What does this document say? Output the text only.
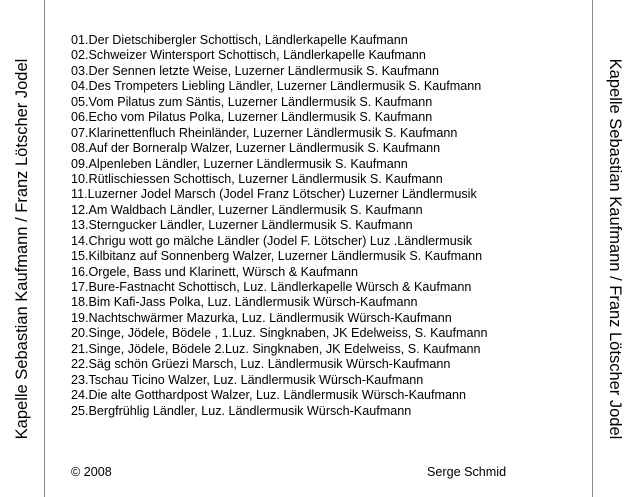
Kapelle Sebastian Kaufmann / Franz Lötscher Jodel	Kapelle Sebastian Kaufmann / Franz Lötscher Jodel
01.Der Dietschibergler Schottisch, Ländlerkapelle Kaufmann
02.Schweizer Wintersport Schottisch, Ländlerkapelle Kaufmann
03.Der Sennen letzte Weise, Luzerner Ländlermusik S. Kaufmann
04.Des Trompeters Liebling Ländler, Luzerner Ländlermusik S. Kaufmann
05.Vom Pilatus zum Säntis, Luzerner Ländlermusik S. Kaufmann
06.Echo vom Pilatus Polka, Luzerner Ländlermusik S. Kaufmann
07.Klarinettenfluch Rheinländer, Luzerner Ländlermusik S. Kaufmann
08.Auf der Borneralp Walzer, Luzerner Ländlermusik S. Kaufmann
09.Alpenleben Ländler, Luzerner Ländlermusik S. Kaufmann
10.Rütlischiessen Schottisch, Luzerner Ländlermusik S. Kaufmann
11.Luzerner Jodel Marsch (Jodel Franz Lötscher) Luzerner Ländlermusik
12.Am Waldbach Ländler, Luzerner Ländlermusik S. Kaufmann
13.Sterngucker Ländler, Luzerner Ländlermusik S. Kaufmann
14.Chrigu wott go mälche Ländler (Jodel F. Lötscher) Luz .Ländlermusik
15.Kilbitanz auf Sonnenberg Walzer, Luzerner Ländlermusik S. Kaufmann
16.Orgele, Bass und Klarinett, Würsch & Kaufmann
17.Bure-Fastnacht Schottisch, Luz. Ländlerkapelle Würsch & Kaufmann
18.Bim Kafi-Jass Polka, Luz. Ländlermusik Würsch-Kaufmann
19.Nachtschwärmer Mazurka, Luz. Ländlermusik Würsch-Kaufmann
20.Singe, Jödele, Bödele , 1.Luz. Singknaben, JK Edelweiss, S. Kaufmann
21.Singe, Jödele, Bödele 2.Luz. Singknaben, JK Edelweiss, S. Kaufmann
22.Säg schön Grüezi Marsch, Luz. Ländlermusik Würsch-Kaufmann
23.Tschau Ticino Walzer, Luz. Ländlermusik Würsch-Kaufmann
24.Die alte Gotthardpost Walzer, Luz. Ländlermusik Würsch-Kaufmann
25.Bergfrühlig Ländler, Luz. Ländlermusik Würsch-Kaufmann
© 2008	Serge Schmid
